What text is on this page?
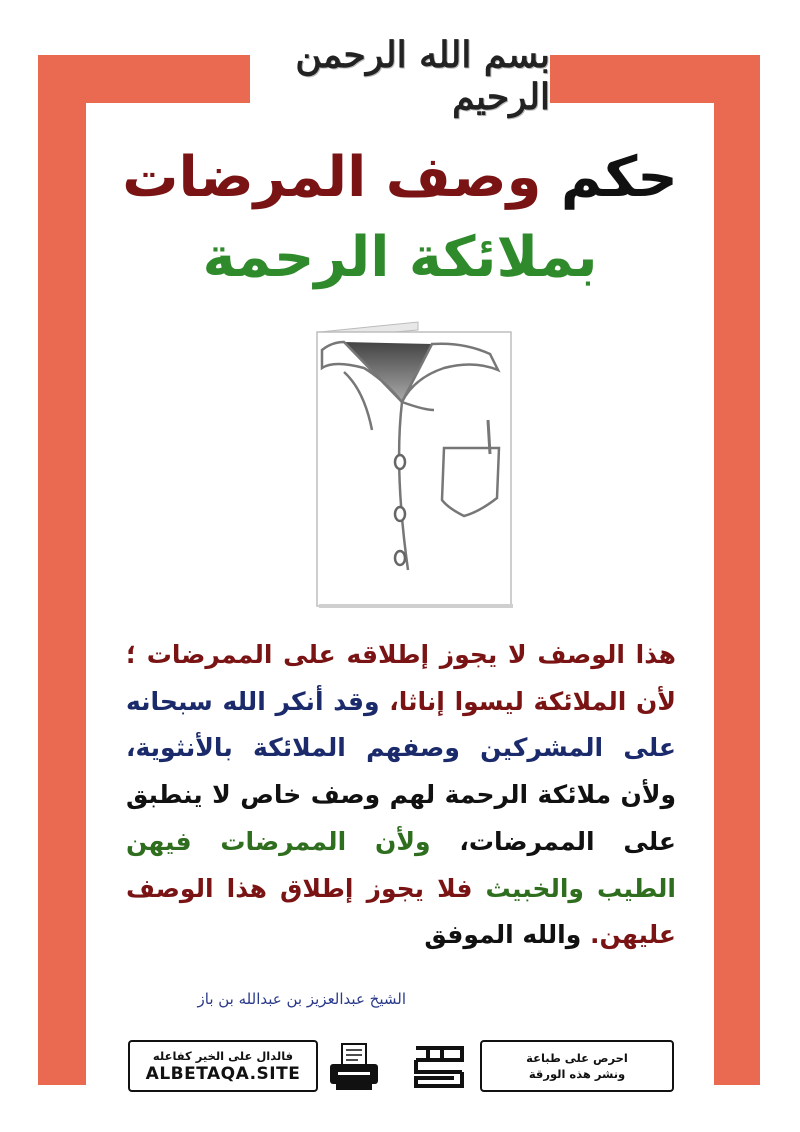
بسم الله الرحمن الرحيم
حكم وصف المرضات
بملائكة الرحمة
هذا الوصف لا يجوز إطلاقه على الممرضات ؛ لأن الملائكة ليسوا إناثا، وقد أنكر الله سبحانه على المشركين وصفهم الملائكة بالأنثوية، ولأن ملائكة الرحمة لهم وصف خاص لا ينطبق على الممرضات، ولأن الممرضات فيهن الطيب والخبيث فلا يجوز إطلاق هذا الوصف عليهن. والله الموفق
الشيخ عبدالعزيز بن عبدالله بن باز
فالدال على الخير كفاعله
ALBETAQA.SITE
احرص على طباعة
ونشر هذه الورقة
